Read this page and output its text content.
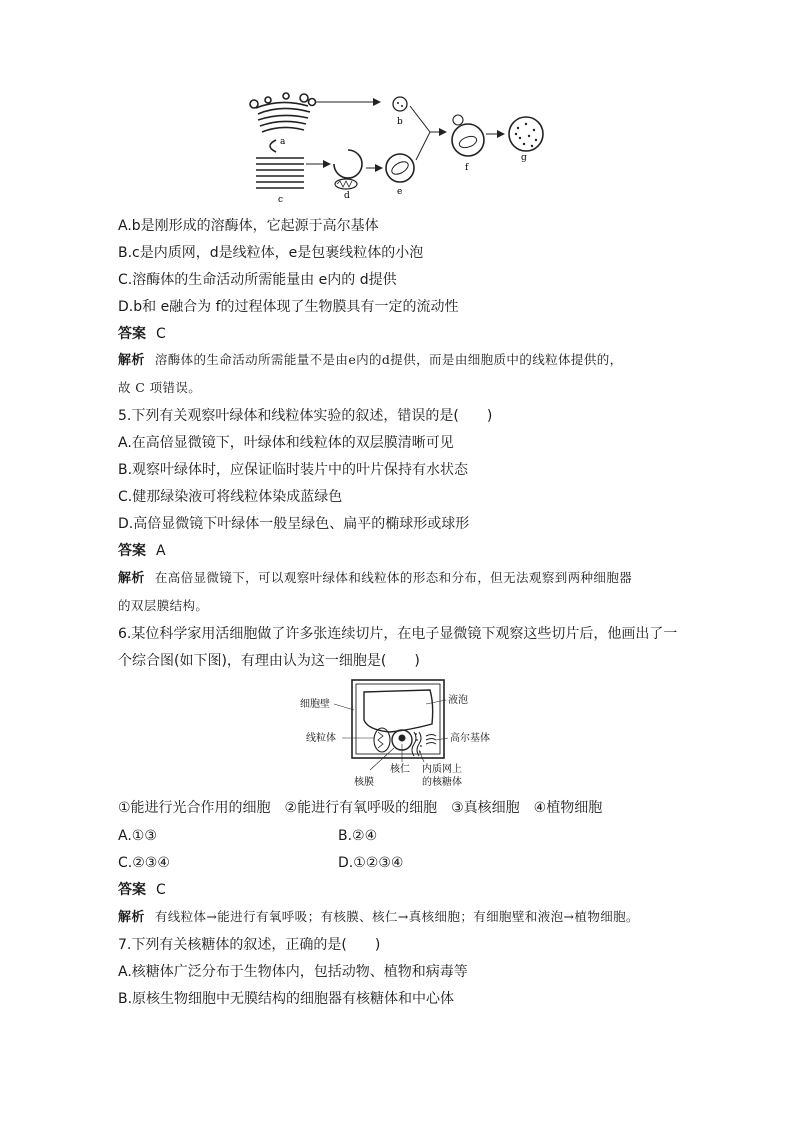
a
b
c	d	e
f
g
A.b是刚形成的溶酶体，它起源于高尔基体
B.c是内质网，d是线粒体，e是包裹线粒体的小泡
C.溶酶体的生命活动所需能量由 e内的 d提供
D.b和 e融合为 f的过程体现了生物膜具有一定的流动性
答案 C
解析 溶酶体的生命活动所需能量不是由e内的d提供，而是由细胞质中的线粒体提供的，
故 C 项错误。
5.下列有关观察叶绿体和线粒体实验的叙述，错误的是(　　)
A.在高倍显微镜下，叶绿体和线粒体的双层膜清晰可见
B.观察叶绿体时，应保证临时装片中的叶片保持有水状态
C.健那绿染液可将线粒体染成蓝绿色
D.高倍显微镜下叶绿体一般呈绿色、扁平的椭球形或球形
答案 A
解析 在高倍显微镜下，可以观察叶绿体和线粒体的形态和分布，但无法观察到两种细胞器
的双层膜结构。
6.某位科学家用活细胞做了许多张连续切片，在电子显微镜下观察这些切片后，他画出了一
个综合图(如下图)，有理由认为这一细胞是(　　)
细胞壁	液泡
线粒体	高尔基体
核仁 内质网上
的核糖体
核膜
①能进行光合作用的细胞　②能进行有氧呼吸的细胞　③真核细胞　④植物细胞
A.①③	B.②④
C.②③④	D.①②③④
答案 C
解析 有线粒体→能进行有氧呼吸；有核膜、核仁→真核细胞；有细胞壁和液泡→植物细胞。
7.下列有关核糖体的叙述，正确的是(　　)
A.核糖体广泛分布于生物体内，包括动物、植物和病毒等
B.原核生物细胞中无膜结构的细胞器有核糖体和中心体
